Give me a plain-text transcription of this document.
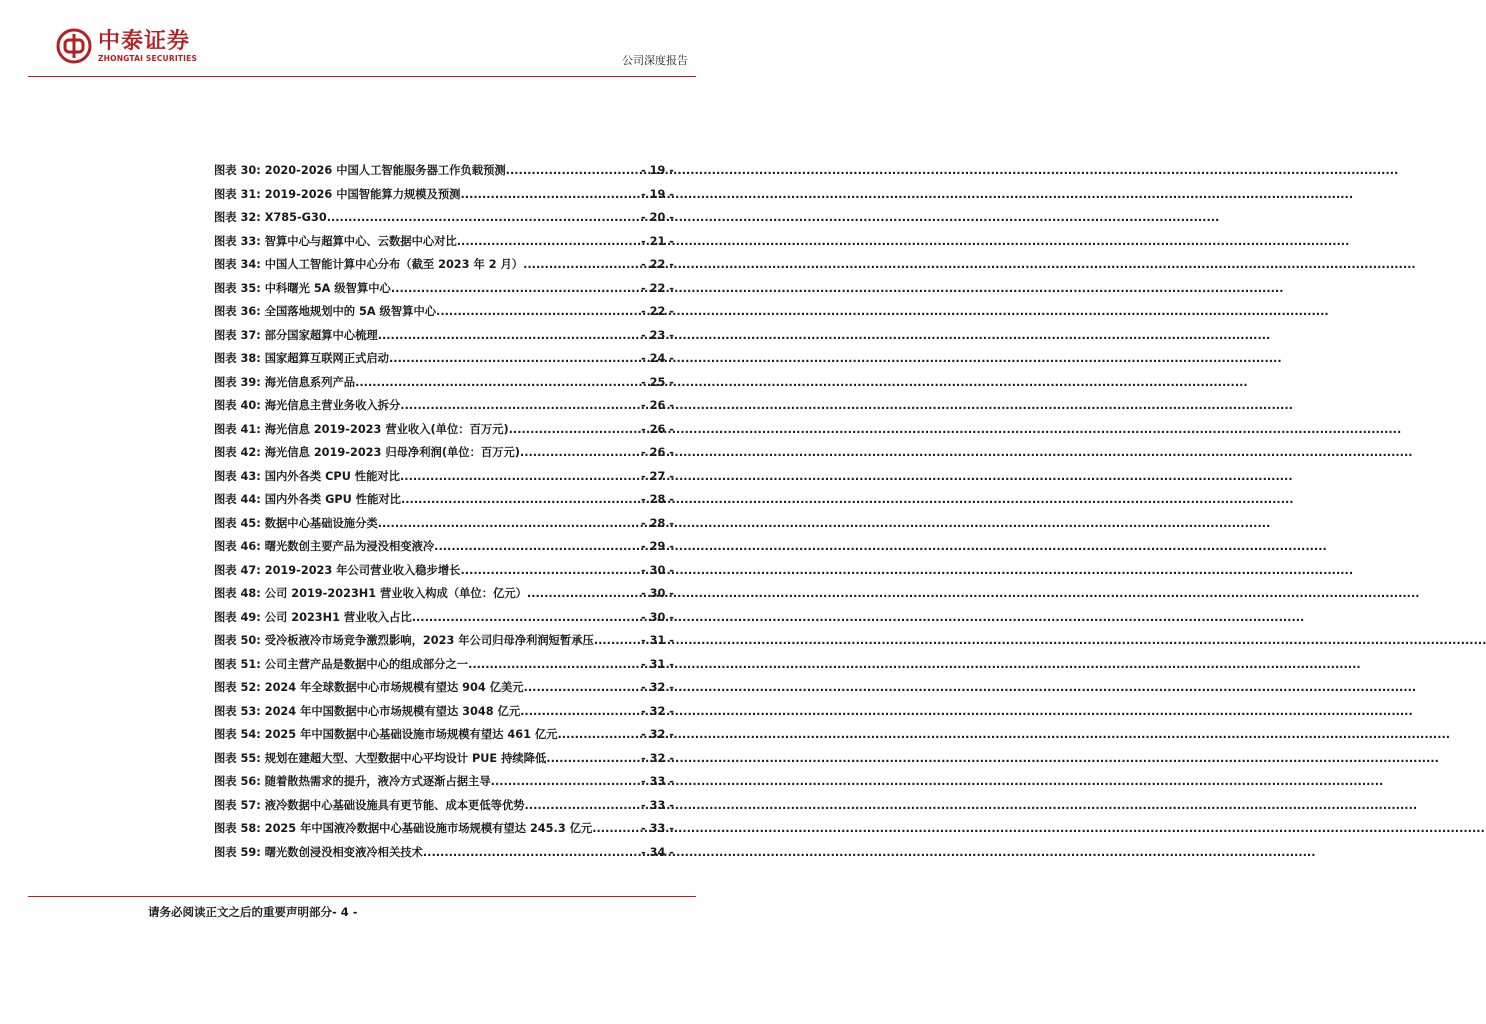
中泰证券
ZHONGTAI SECURITIES	公司深度报告
图表 30:
2020-2026 中国人工智能服务器工作负载预测 .....	- 19 -
图表 31:
2019-2026 中国智能算力规模及预测 .....	- 19 -
图表 32:
X785-G30 .....	- 20 -
图表 33:
智算中心与超算中心、云数据中心对比 .....	- 21 -
图表 34:
中国人工智能计算中心分布（截至 2023 年 2 月） .....	- 22 -
图表 35:
中科曙光 5A 级智算中心 .....	- 22 -
图表 36:
全国落地规划中的 5A 级智算中心 .....	- 22 -
图表 37:
部分国家超算中心梳理 .....	- 23 -
图表 38:
国家超算互联网正式启动 .....	- 24 -
图表 39:
海光信息系列产品 .....	- 25 -
图表 40:
海光信息主营业务收入拆分 .....	- 26 -
图表 41:
海光信息 2019-2023 营业收入(单位：百万元) .....	- 26 -
图表 42:
海光信息 2019-2023 归母净利润(单位：百万元) .....	- 26 -
图表 43:
国内外各类 CPU 性能对比 .....	- 27 -
图表 44:
国内外各类 GPU 性能对比 .....	- 28 -
图表 45:
数据中心基础设施分类 .....	- 28 -
图表 46:
曙光数创主要产品为浸没相变液冷 .....	- 29 -
图表 47:
2019-2023 年公司营业收入稳步增长 .....	- 30 -
图表 48:
公司 2019-2023H1 营业收入构成（单位：亿元） .....	- 30 -
图表 49:
公司 2023H1 营业收入占比 .....	- 30 -
图表 50:
受冷板液冷市场竞争激烈影响，2023 年公司归母净利润短暂承压 .....	- 31 -
图表 51:
公司主营产品是数据中心的组成部分之一 .....	- 31 -
图表 52:
2024 年全球数据中心市场规模有望达 904 亿美元 .....	- 32 -
图表 53:
2024 年中国数据中心市场规模有望达 3048 亿元 .....	- 32 -
图表 54:
2025 年中国数据中心基础设施市场规模有望达 461 亿元 .....	- 32 -
图表 55:
规划在建超大型、大型数据中心平均设计 PUE 持续降低 .....	- 32 -
图表 56:
随着散热需求的提升，液冷方式逐渐占据主导 .....	- 33 -
图表 57:
液冷数据中心基础设施具有更节能、成本更低等优势 .....	- 33 -
图表 58:
2025 年中国液冷数据中心基础设施市场规模有望达 245.3 亿元 .....	- 33 -
图表 59:
曙光数创浸没相变液冷相关技术 .....	- 34 -
请务必阅读正文之后的重要声明部分- 4 -
